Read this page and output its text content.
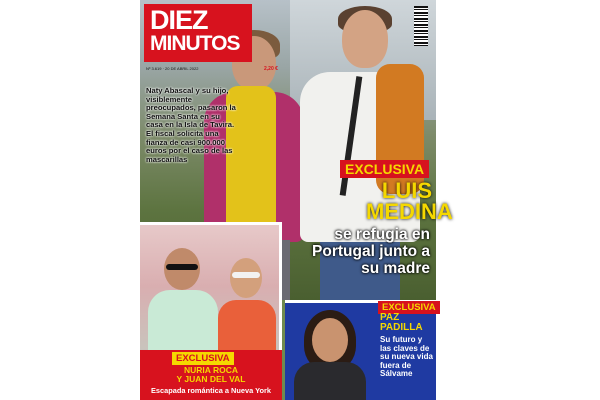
DIEZ
MINUTOS
Nº 3.619 · 20 DE ABRIL 2022	2,20 €
Naty Abascal y su hijo, visiblemente preocupados, pasaron la Semana Santa en su casa en la Isla de Tavira. El fiscal solicita una fianza de casi 900.000 euros por el caso de las mascarillas
EXCLUSIVA
LUIS
MEDINA
se refugia en Portugal junto a su madre
EXCLUSIVA
NURIA ROCA
Y JUAN DEL VAL
Escapada romántica a Nueva York
EXCLUSIVA
PAZ
PADILLA
Su futuro y las claves de su nueva vida fuera de Sálvame
